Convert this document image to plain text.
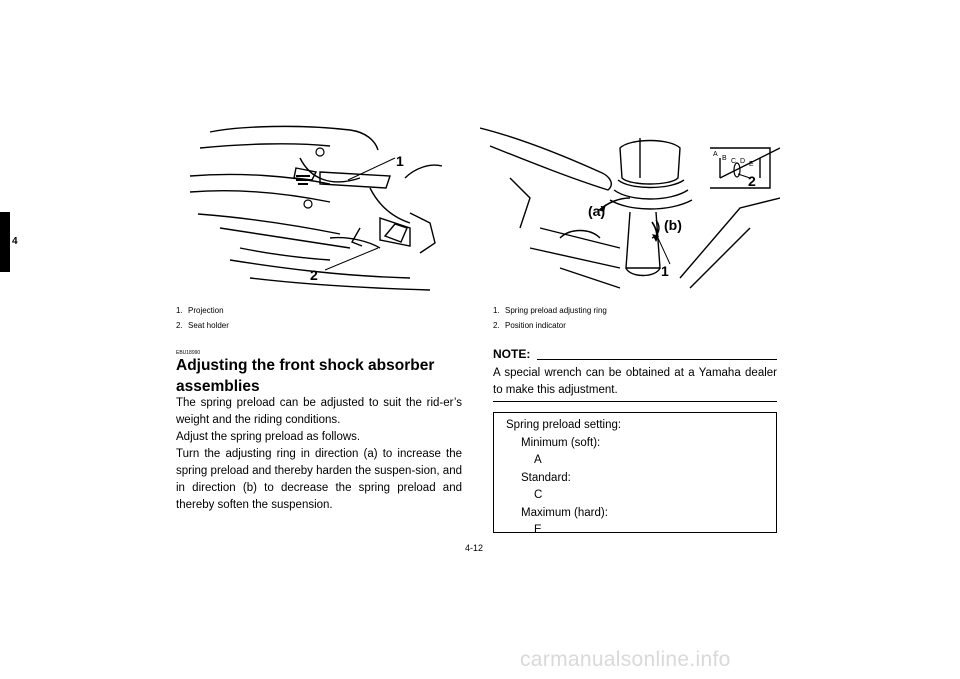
4
1
2
1. Projection
2. Seat holder
A
B C D E
1
2
(a)
(b)
1. Spring preload adjusting ring
2. Position indicator
EBU18990
Adjusting the front shock absorber assemblies

The spring preload can be adjusted to suit the rid-er’s weight and the riding conditions.

Adjust the spring preload as follows.

Turn the adjusting ring in direction (a) to increase the spring preload and thereby harden the suspen-sion, and in direction (b) to decrease the spring preload and thereby soften the suspension.

NOTE:
A special wrench can be obtained at a Yamaha dealer to make this adjustment.
Spring preload setting:
Minimum (soft):
A
Standard:
C
Maximum (hard):
E
4-12
carmanualsonline.info
